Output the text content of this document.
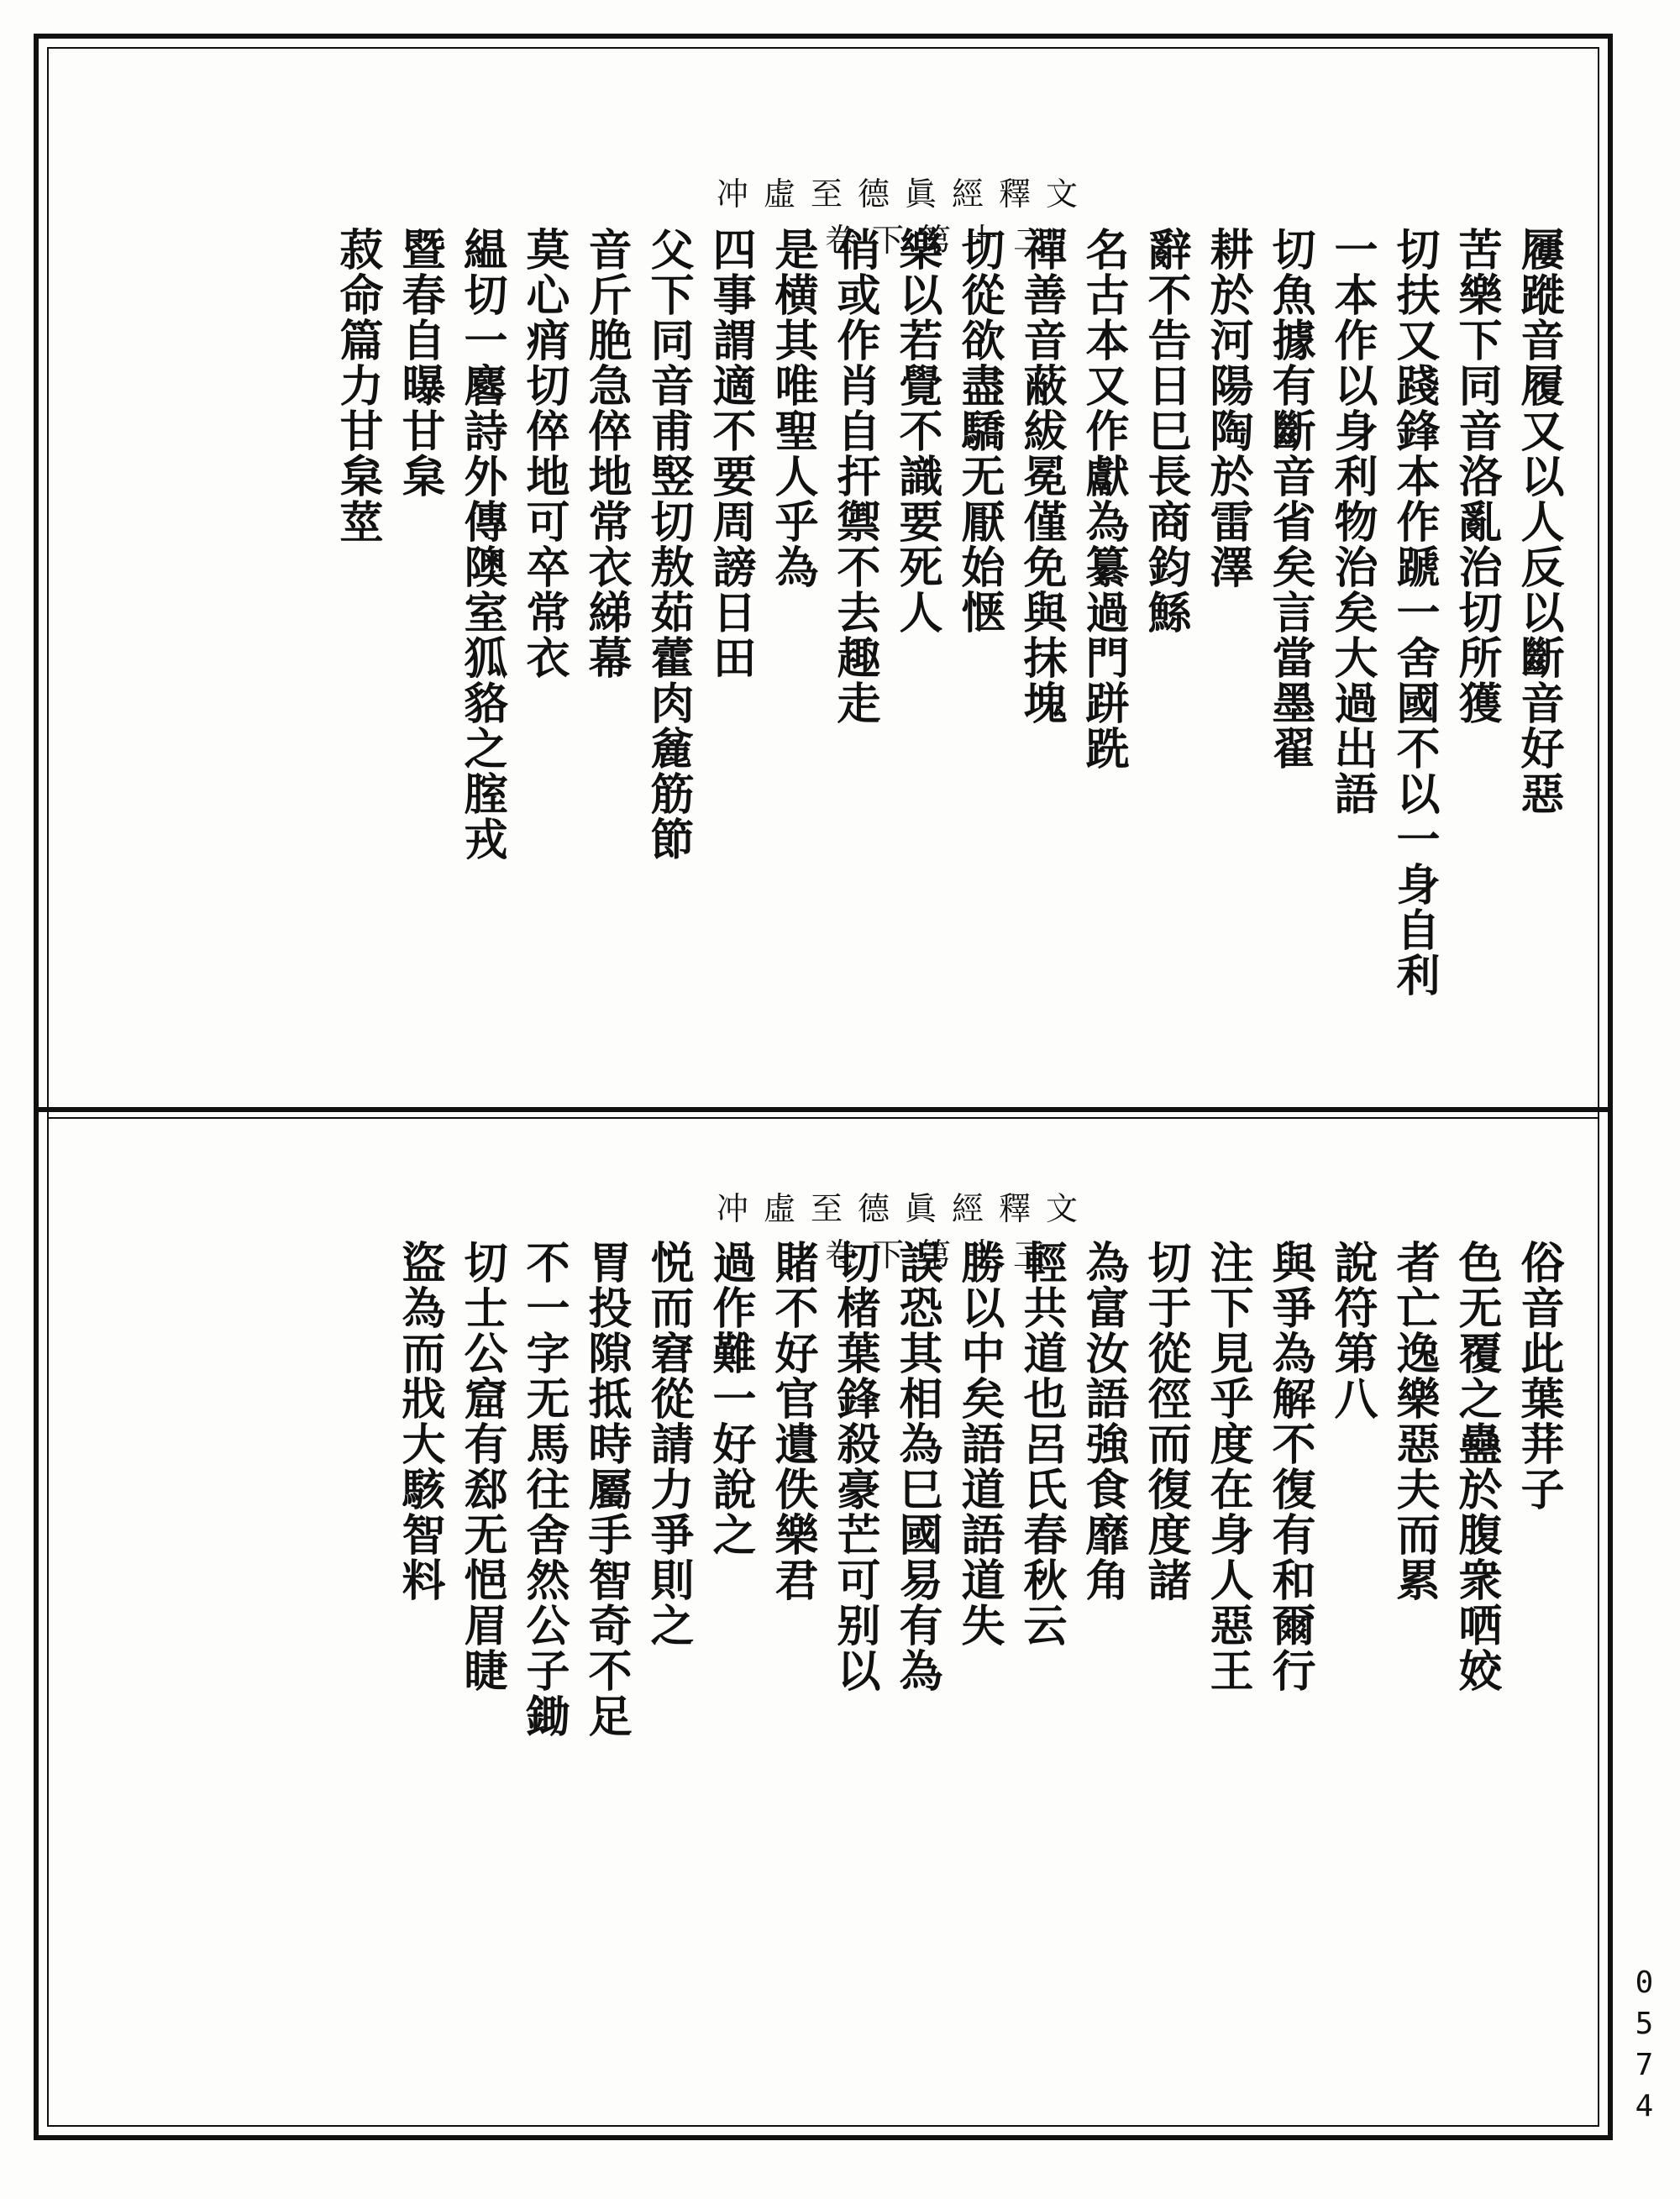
冲虛至德眞經釋文 卷下第十二	屨蹝音履又以人反以斷音好惡
苦樂下同音洛亂治切所獲
切扶又踐鋒本作蹏一舍國不以一身自利
一本作以身利物治矣大過出語
切魚據有斷音省矣言當墨翟
耕於河陽陶於雷澤
辭不告日巳長商鈞鯀
名古本又作獻為纂過門跰跣
禪善音蔽紱冕僅免與抹塊
切從欲盡驕无厭始惬
樂以若覺不識要死人
俏或作肖自扞禦不去趣走
是横其唯聖人乎為
四事謂適不要周謗日田
父下同音甫竪切敖茹藿肉麄筋節
音斤脃急倅地常衣綈幕
莫心痟切倅地可卒常衣
緼切一麔詩外傳隩室狐貉之腟戎
暨春自曝甘枲
菽命篇力甘枲莖
冲虛至德眞經釋文 卷下第十三	俗音此葉荓子
色无覆之蠱於腹衆哂姣
者亡逸樂惡夫而累
說符第八
與爭為解不復有和爾行
注下見乎度在身人惡王
切于從徑而復度諸
為富汝語強食靡角
輕共道也呂氏春秋云
勝以中矣語道語道失
誤恐其相為巳國易有為
切楮葉鋒殺豪芒可别以
賭不好官遺佚樂君
過作難一好說之
悦而窘從請力爭則之
胃投隙抵時屬手智奇不足
不一字无馬往舍然公子鋤
切士公窟有郄无悒眉睫
盜為而戕大駭智料
0574
